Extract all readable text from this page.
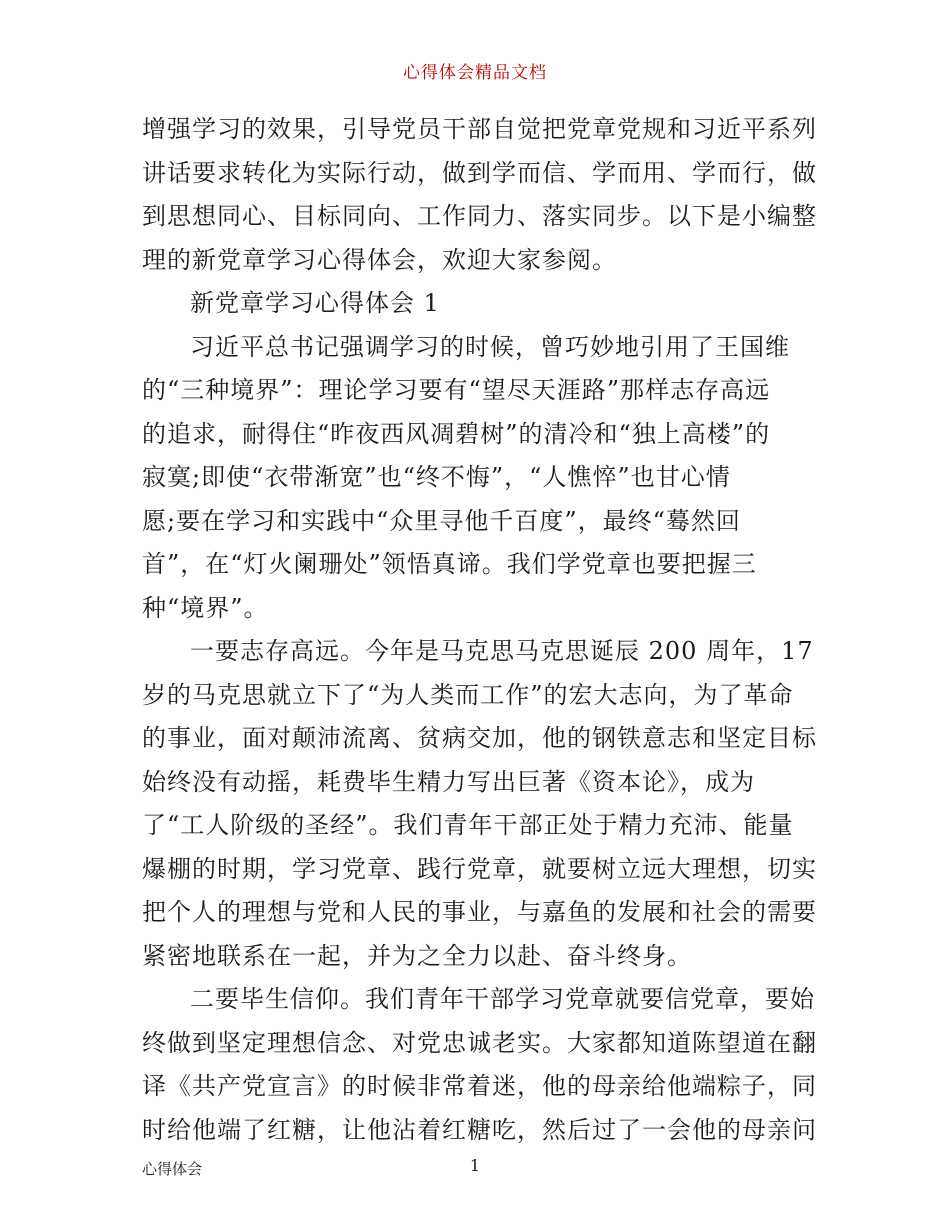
心得体会精品文档
增强学习的效果，引导党员干部自觉把党章党规和习近平系列
讲话要求转化为实际行动，做到学而信、学而用、学而行，做
到思想同心、目标同向、工作同力、落实同步。以下是小编整
理的新党章学习心得体会，欢迎大家参阅。
新党章学习心得体会 1
习近平总书记强调学习的时候，曾巧妙地引用了王国维
的“三种境界”：理论学习要有“望尽天涯路”那样志存高远
的追求，耐得住“昨夜西风凋碧树”的清冷和“独上高楼”的
寂寞;即使“衣带渐宽”也“终不悔”，“人憔悴”也甘心情
愿;要在学习和实践中“众里寻他千百度”，最终“蓦然回
首”，在“灯火阑珊处”领悟真谛。我们学党章也要把握三
种“境界”。
一要志存高远。今年是马克思马克思诞辰 200 周年，17
岁的马克思就立下了“为人类而工作”的宏大志向，为了革命
的事业，面对颠沛流离、贫病交加，他的钢铁意志和坚定目标
始终没有动摇，耗费毕生精力写出巨著《资本论》，成为
了“工人阶级的圣经”。我们青年干部正处于精力充沛、能量
爆棚的时期，学习党章、践行党章，就要树立远大理想，切实
把个人的理想与党和人民的事业，与嘉鱼的发展和社会的需要
紧密地联系在一起，并为之全力以赴、奋斗终身。
二要毕生信仰。我们青年干部学习党章就要信党章，要始
终做到坚定理想信念、对党忠诚老实。大家都知道陈望道在翻
译《共产党宣言》的时候非常着迷，他的母亲给他端粽子，同
时给他端了红糖，让他沾着红糖吃，然后过了一会他的母亲问
心得体会	1
